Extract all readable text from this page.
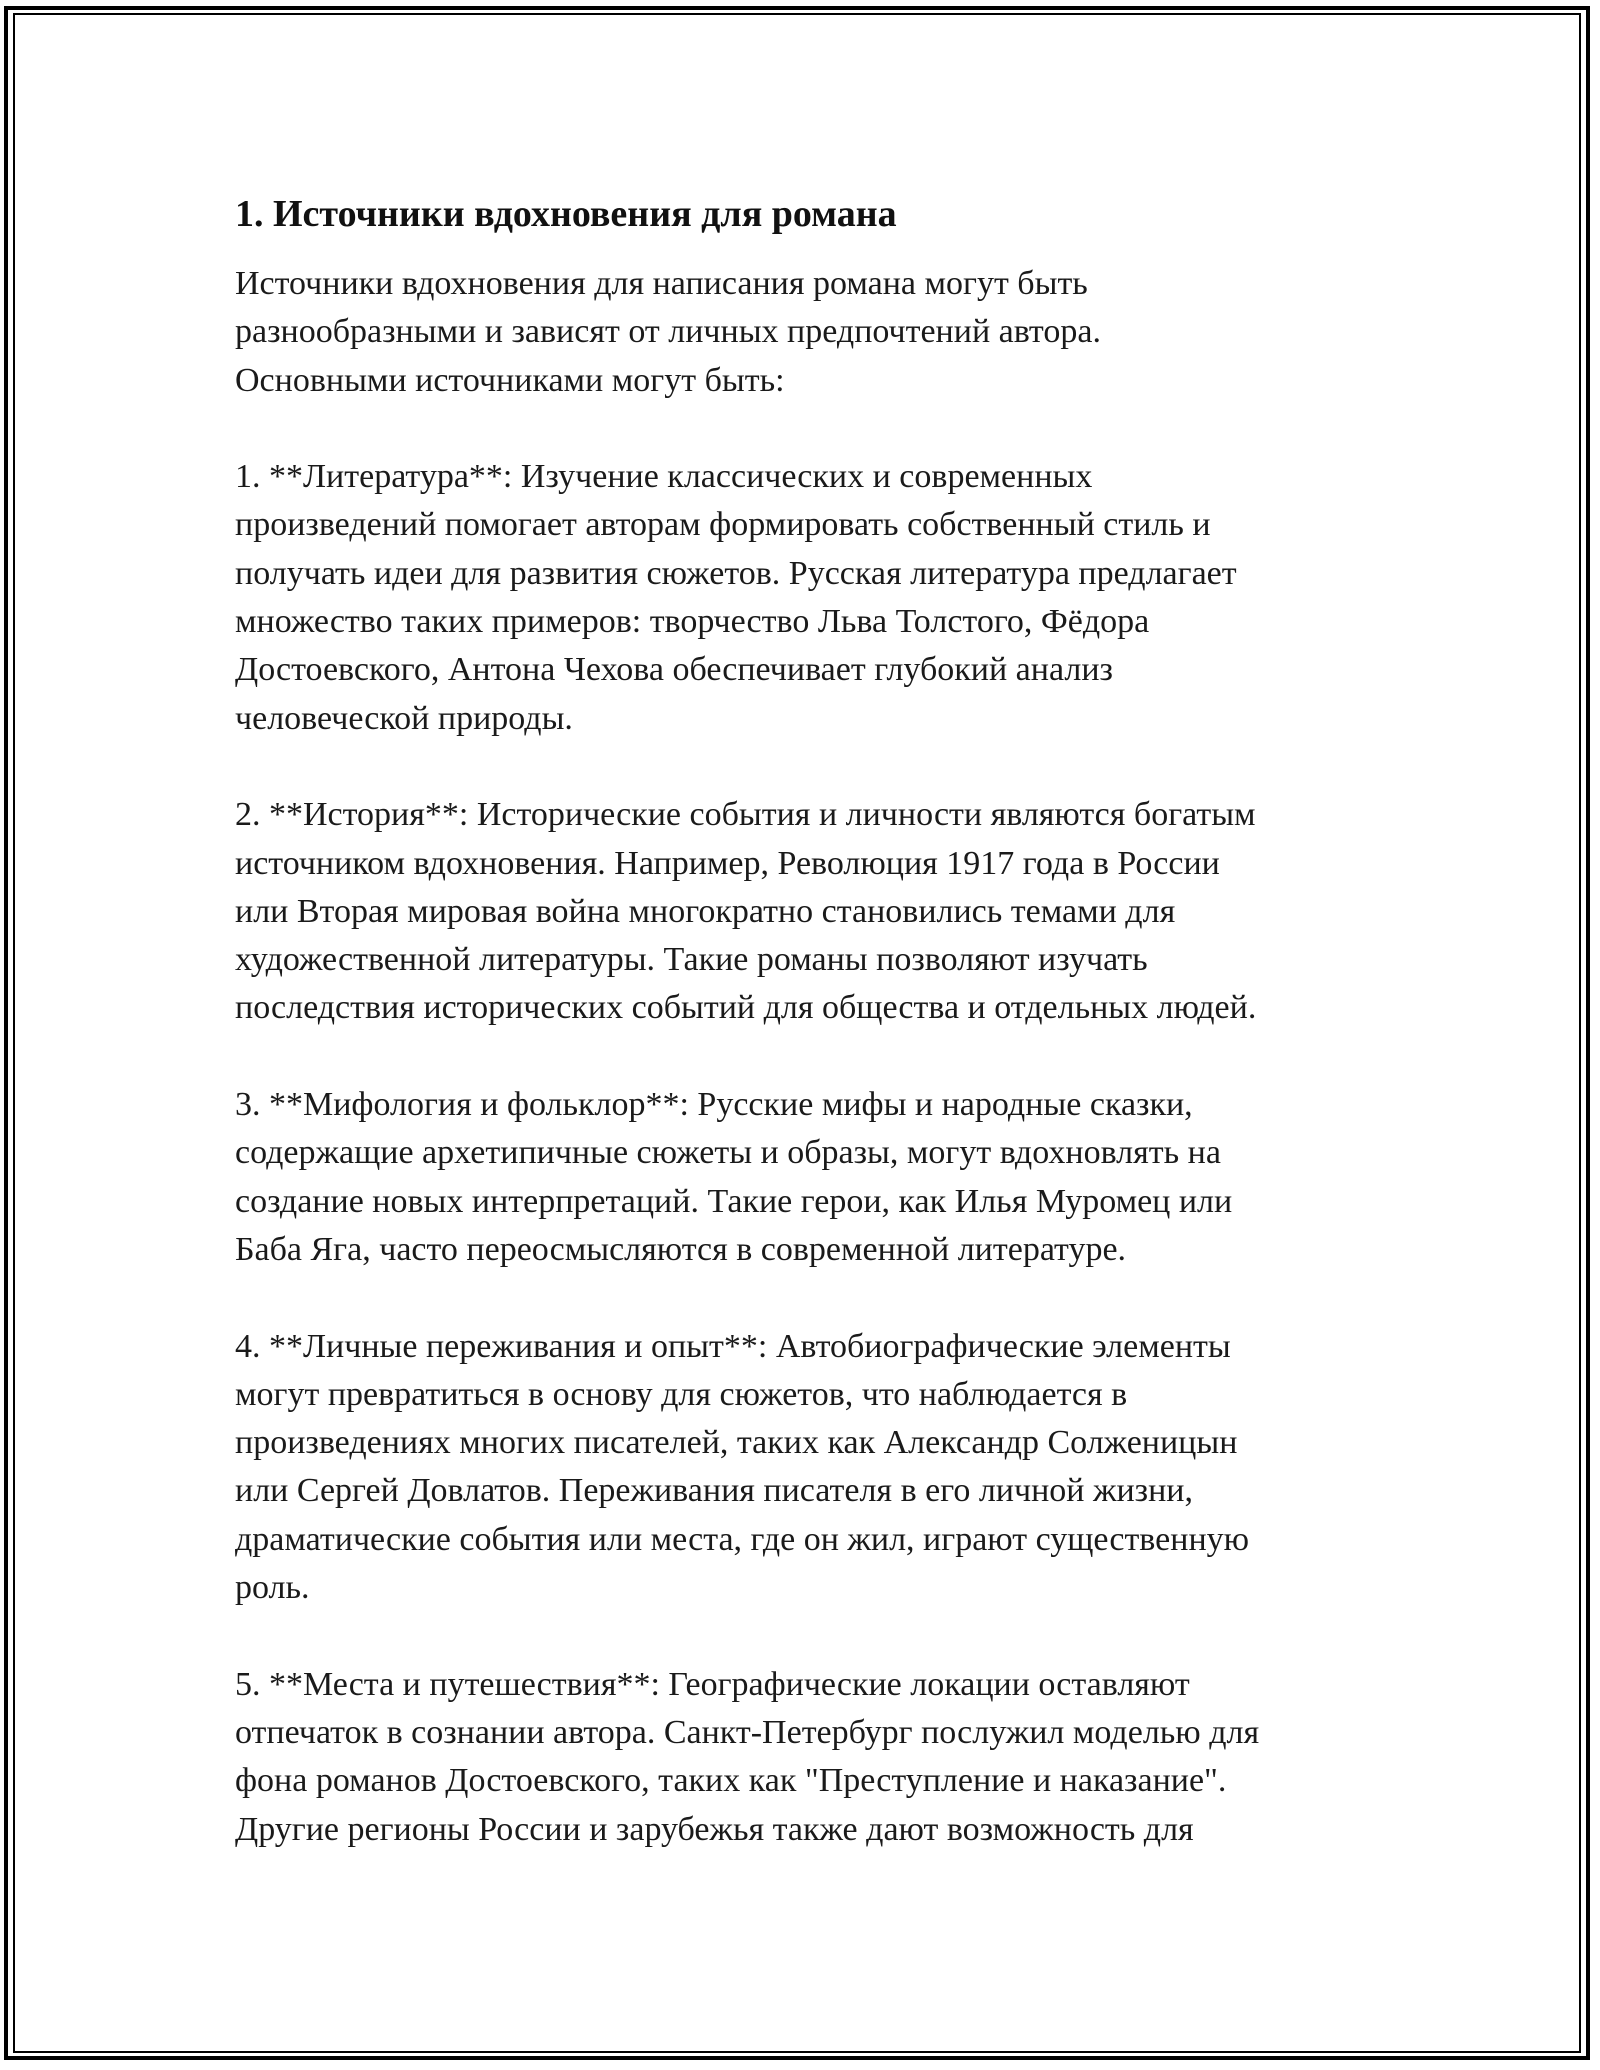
1. Источники вдохновения для романа

Источники вдохновения для написания романа могут быть
разнообразными и зависят от личных предпочтений автора.
Основными источниками могут быть:

1. **Литература**: Изучение классических и современных
произведений помогает авторам формировать собственный стиль и
получать идеи для развития сюжетов. Русская литература предлагает
множество таких примеров: творчество Льва Толстого, Фёдора
Достоевского, Антона Чехова обеспечивает глубокий анализ
человеческой природы.

2. **История**: Исторические события и личности являются богатым
источником вдохновения. Например, Революция 1917 года в России
или Вторая мировая война многократно становились темами для
художественной литературы. Такие романы позволяют изучать
последствия исторических событий для общества и отдельных людей.

3. **Мифология и фольклор**: Русские мифы и народные сказки,
содержащие архетипичные сюжеты и образы, могут вдохновлять на
создание новых интерпретаций. Такие герои, как Илья Муромец или
Баба Яга, часто переосмысляются в современной литературе.

4. **Личные переживания и опыт**: Автобиографические элементы
могут превратиться в основу для сюжетов, что наблюдается в
произведениях многих писателей, таких как Александр Солженицын
или Сергей Довлатов. Переживания писателя в его личной жизни,
драматические события или места, где он жил, играют существенную
роль.

5. **Места и путешествия**: Географические локации оставляют
отпечаток в сознании автора. Санкт-Петербург послужил моделью для
фона романов Достоевского, таких как "Преступление и наказание".
Другие регионы России и зарубежья также дают возможность для
